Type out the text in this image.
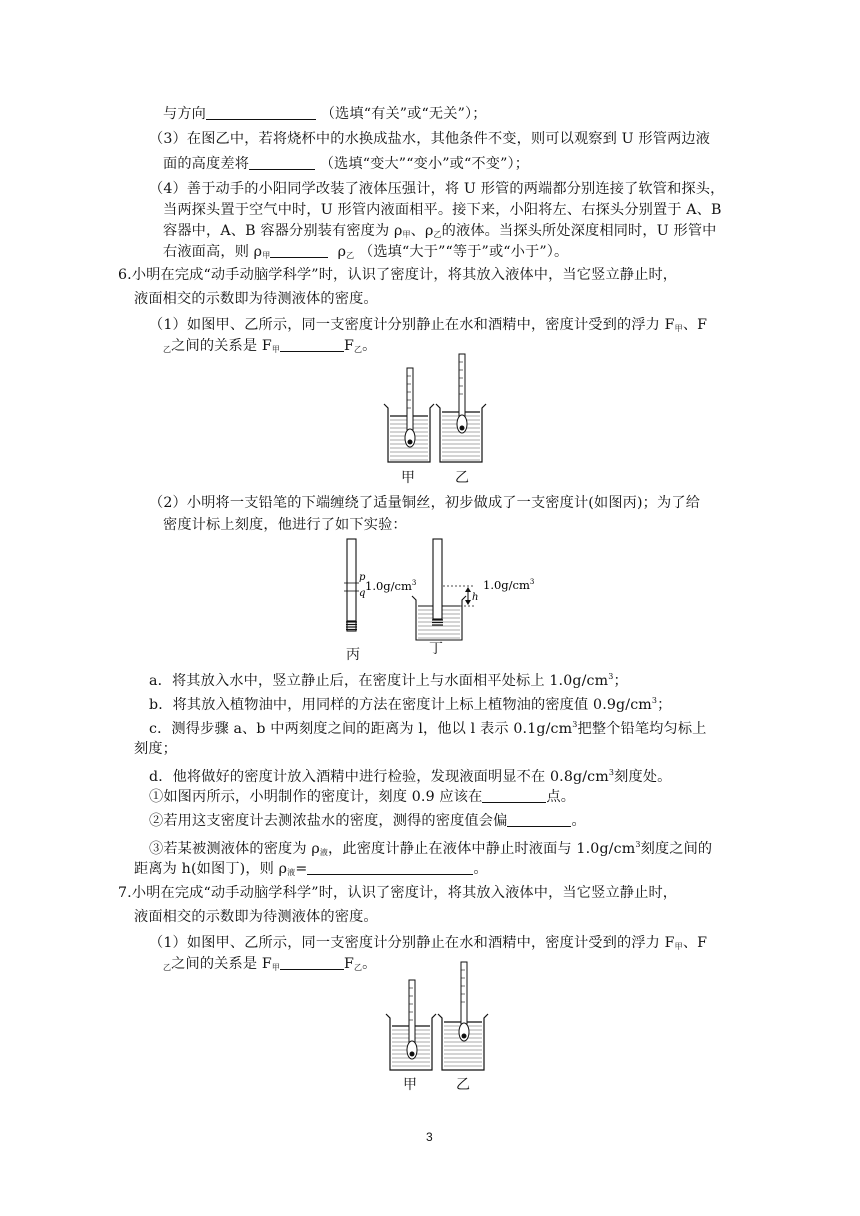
与方向	（选填“有关”或“无关”）；
（3）在图乙中，若将烧杯中的水换成盐水，其他条件不变，则可以观察到 U 形管两边液
面的高度差将	（选填“变大”“变小”或“不变”）；
（4）善于动手的小阳同学改装了液体压强计，将 U 形管的两端都分别连接了软管和探头，
当两探头置于空气中时，U 形管内液面相平。接下来，小阳将左、右探头分别置于 A、B
容器中，A、B 容器分别装有密度为 $\rho_甲$、$\rho_乙$的液体。当探头所处深度相同时，U 形管中
右液面高，则 $\rho_甲$	$\rho_乙$ （选填“大于”“等于”或“小于”）。
6.小明在完成“动手动脑学科学”时，认识了密度计，将其放入液体中，当它竖立静止时，
液面相交的示数即为待测液体的密度。
（1）如图甲、乙所示，同一支密度计分别静止在水和酒精中，密度计受到的浮力 $F_甲$、F
$_乙$之间的关系是 $F_甲$	$F_乙$。
甲	乙
（2）小明将一支铅笔的下端缠绕了适量铜丝，初步做成了一支密度计(如图丙)；为了给
密度计标上刻度，他进行了如下实验：
p
q
$1.0g/cm^3$
h
$1.0g/cm^3$
丙	丁
a．将其放入水中，竖立静止后，在密度计上与水面相平处标上 $1.0g/cm^3$；
b．将其放入植物油中，用同样的方法在密度计上标上植物油的密度值 $0.9g/cm^3$；
c．测得步骤 a、b 中两刻度之间的距离为 l，他以 l 表示 $0.1g/cm^3$把整个铅笔均匀标上
刻度；
d．他将做好的密度计放入酒精中进行检验，发现液面明显不在 $0.8g/cm^3$刻度处。
①如图丙所示，小明制作的密度计，刻度 0.9 应该在	点。
②若用这支密度计去测浓盐水的密度，测得的密度值会偏	。
③若某被测液体的密度为 $\rho_液$，此密度计静止在液体中静止时液面与 $1.0g/cm^3$刻度之间的
距离为 h(如图丁)，则 $\rho_液=$	。
7.小明在完成“动手动脑学科学”时，认识了密度计，将其放入液体中，当它竖立静止时，
液面相交的示数即为待测液体的密度。
（1）如图甲、乙所示，同一支密度计分别静止在水和酒精中，密度计受到的浮力 $F_甲$、F
$_乙$之间的关系是 $F_甲$	$F_乙$。
甲	乙
3
